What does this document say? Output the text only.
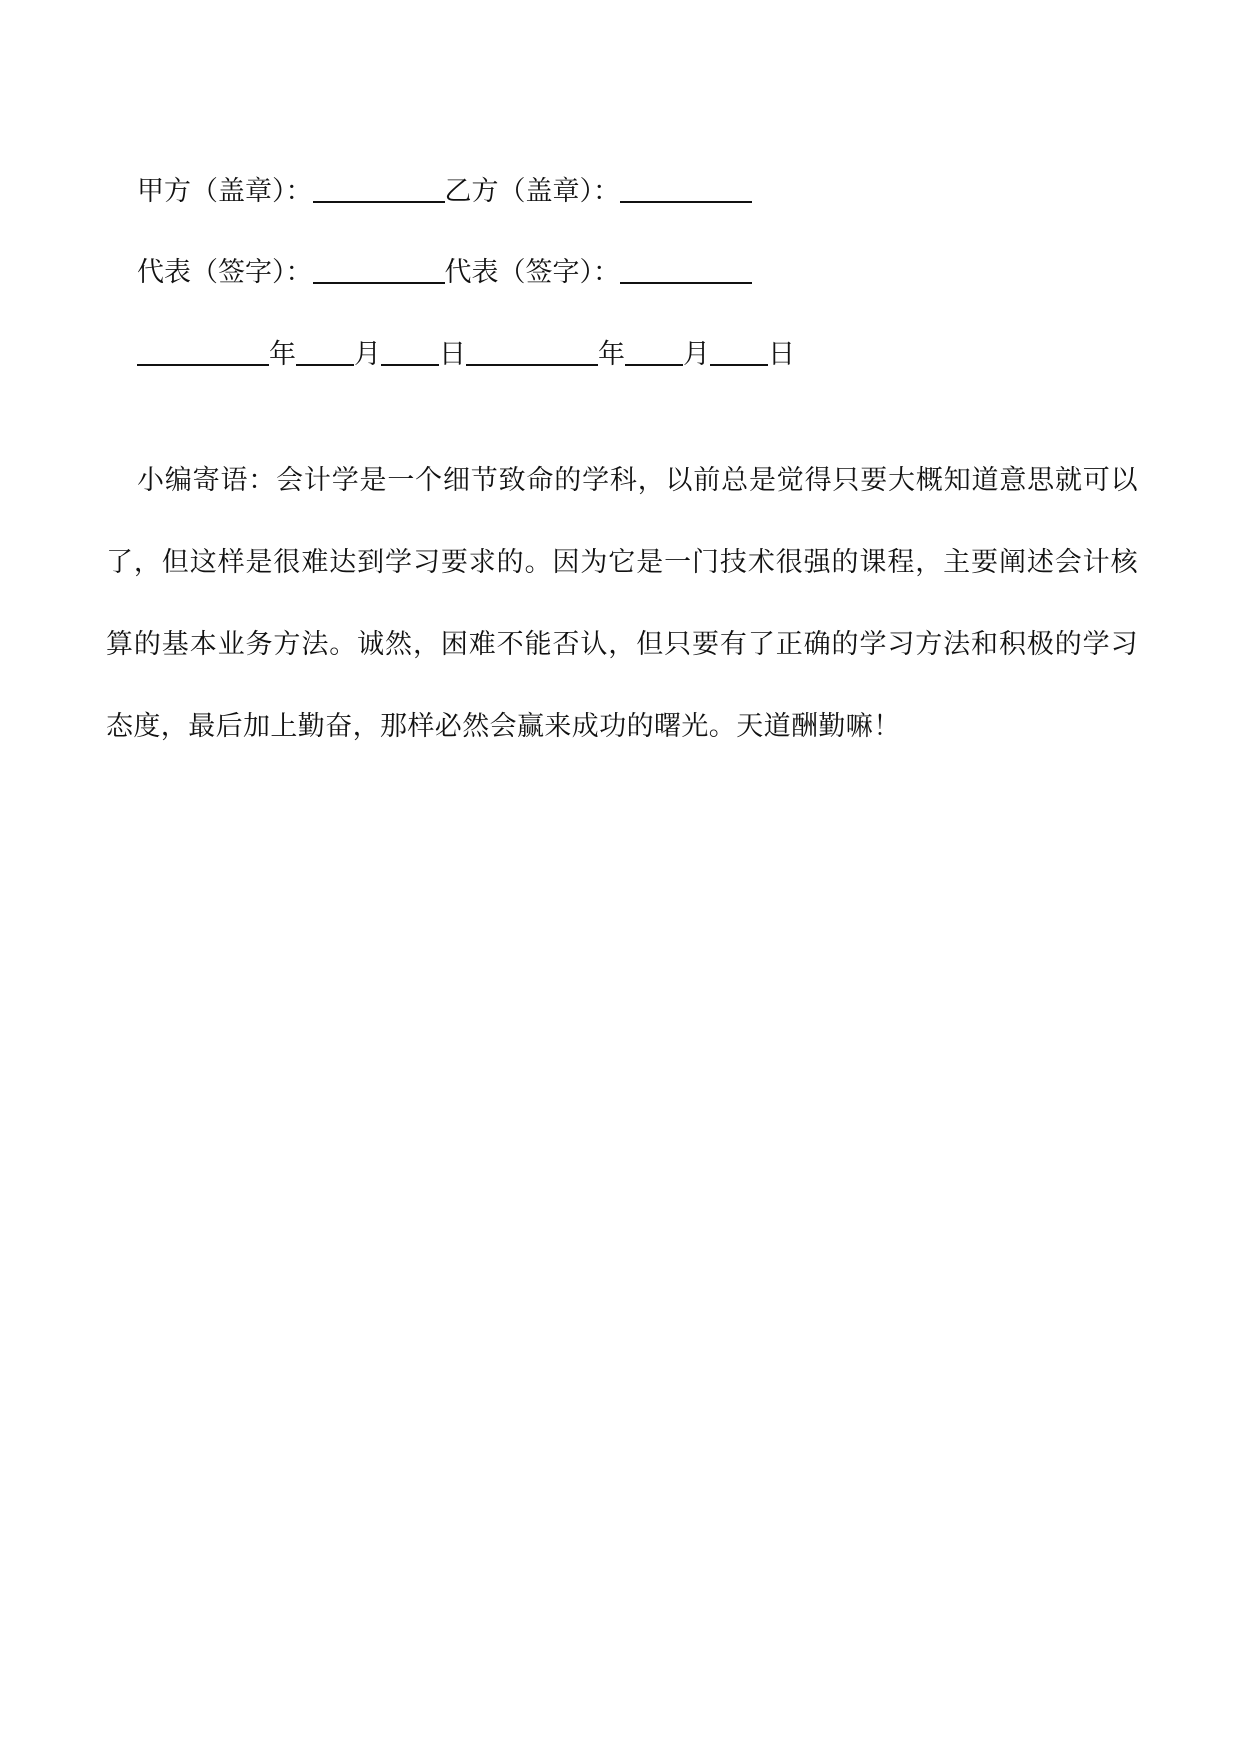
甲方（盖章）：	乙方（盖章）：
代表（签字）：	代表（签字）：
年 月 日	年 月 日

小编寄语：会计学是一个细节致命的学科，以前总是觉得只要大概知道意思就可以了，但这样是很难达到学习要求的。因为它是一门技术很强的课程，主要阐述会计核算的基本业务方法。诚然，困难不能否认，但只要有了正确的学习方法和积极的学习态度，最后加上勤奋，那样必然会赢来成功的曙光。天道酬勤嘛！
